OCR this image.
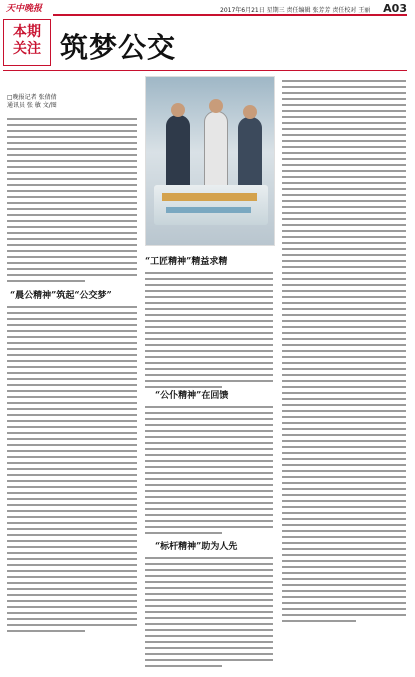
天中晚报	2017年6月21日 星期三 责任编辑 张芳芳 责任校对 王丽 A03
本期
关注 筑梦公交
□晚报记者 张倩倩
通讯员 张 敏 文/图
“晨公精神”筑起“公交梦”
“工匠精神”精益求精
“公仆精神”在回馈
“标杆精神”助为人先
